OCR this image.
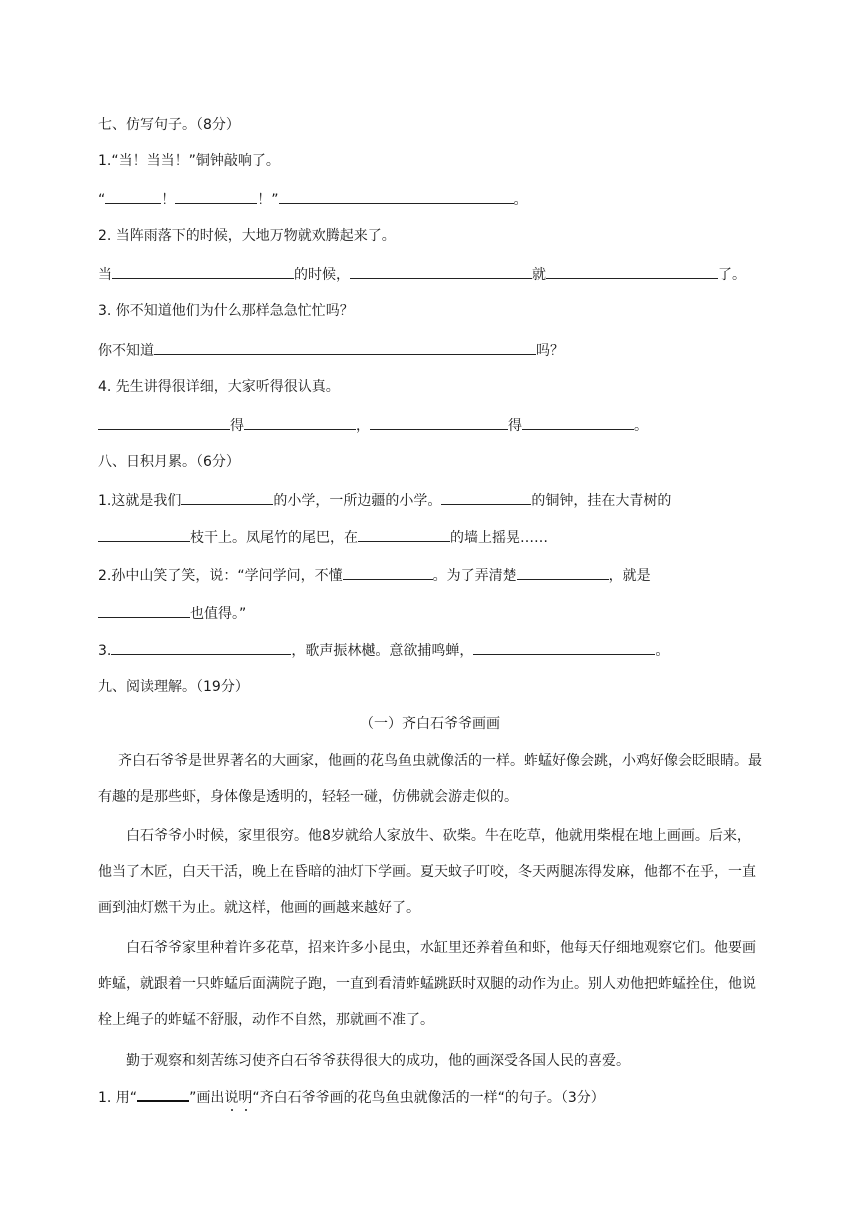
七、仿写句子。（8分）
1.“当！当当！”铜钟敲响了。
“	！	！”	。
2. 当阵雨落下的时候，大地万物就欢腾起来了。
当	的时候，	就	了。
3. 你不知道他们为什么那样急急忙忙吗？
你不知道	吗？
4. 先生讲得很详细，大家听得很认真。
得	，	得	。
八、日积月累。（6分）
1.这就是我们	的小学，一所边疆的小学。	的铜钟，挂在大青树的
枝干上。凤尾竹的尾巴，在	的墙上摇晃……
2.孙中山笑了笑，说：“学问学问，不懂	。为了弄清楚	，就是
也值得。”
3.	，歌声振林樾。意欲捕鸣蝉，	。
九、阅读理解。（19分）
（一）齐白石爷爷画画
齐白石爷爷是世界著名的大画家，他画的花鸟鱼虫就像活的一样。蚱蜢好像会跳，小鸡好像会眨眼睛。最有趣的是那些虾，身体像是透明的，轻轻一碰，仿佛就会游走似的。
白石爷爷小时候，家里很穷。他8岁就给人家放牛、砍柴。牛在吃草，他就用柴棍在地上画画。后来，他当了木匠，白天干活，晚上在昏暗的油灯下学画。夏天蚊子叮咬，冬天两腿冻得发麻，他都不在乎，一直画到油灯燃干为止。就这样，他画的画越来越好了。
白石爷爷家里种着许多花草，招来许多小昆虫，水缸里还养着鱼和虾，他每天仔细地观察它们。他要画蚱蜢，就跟着一只蚱蜢后面满院子跑，一直到看清蚱蜢跳跃时双腿的动作为止。别人劝他把蚱蜢拴住，他说栓上绳子的蚱蜢不舒服，动作不自然，那就画不准了。
勤于观察和刻苦练习使齐白石爷爷获得很大的成功，他的画深受各国人民的喜爱。
1. 用“	”画出说明“齐白石爷爷画的花鸟鱼虫就像活的一样“的句子。（3分）
